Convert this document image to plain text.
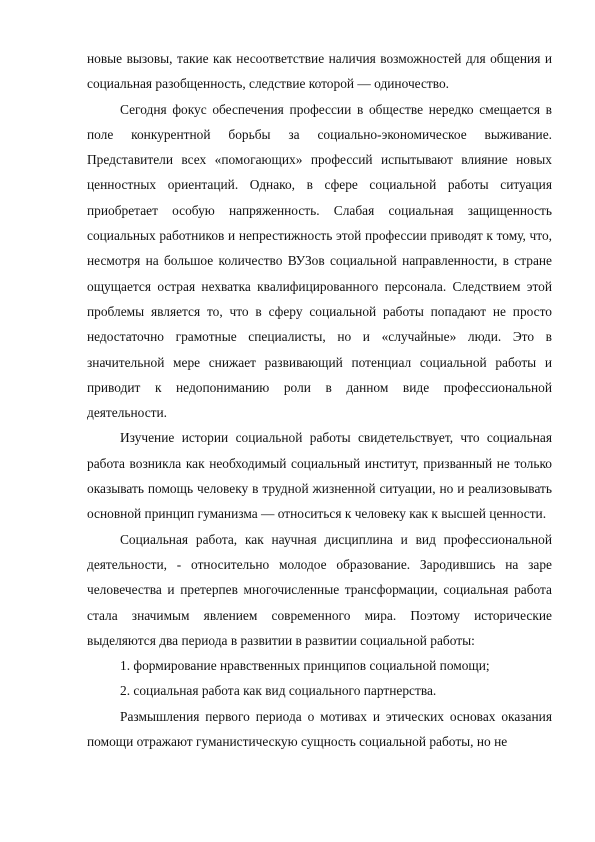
новые вызовы, такие как несоответствие наличия возможностей для общения и социальная разобщенность, следствие которой — одиночество.

Сегодня фокус обеспечения профессии в обществе нередко смещается в поле конкурентной борьбы за социально-экономическое выживание. Представители всех «помогающих» профессий испытывают влияние новых ценностных ориентаций. Однако, в сфере социальной работы ситуация приобретает особую напряженность. Слабая социальная защищенность социальных работников и непрестижность этой профессии приводят к тому, что, несмотря на большое количество ВУЗов социальной направленности, в стране ощущается острая нехватка квалифицированного персонала. Следствием этой проблемы является то, что в сферу социальной работы попадают не просто недостаточно грамотные специалисты, но и «случайные» люди. Это в значительной мере снижает развивающий потенциал социальной работы и приводит к недопониманию роли в данном виде профессиональной деятельности.

Изучение истории социальной работы свидетельствует, что социальная работа возникла как необходимый социальный институт, призванный не только оказывать помощь человеку в трудной жизненной ситуации, но и реализовывать основной принцип гуманизма — относиться к человеку как к высшей ценности.

Социальная работа, как научная дисциплина и вид профессиональной деятельности, - относительно молодое образование. Зародившись на заре человечества и претерпев многочисленные трансформации, социальная работа стала значимым явлением современного мира. Поэтому исторические выделяются два периода в развитии в развитии социальной работы:

1. формирование нравственных принципов социальной помощи;

2. социальная работа как вид социального партнерства.

Размышления первого периода о мотивах и этических основах оказания помощи отражают гуманистическую сущность социальной работы, но не
